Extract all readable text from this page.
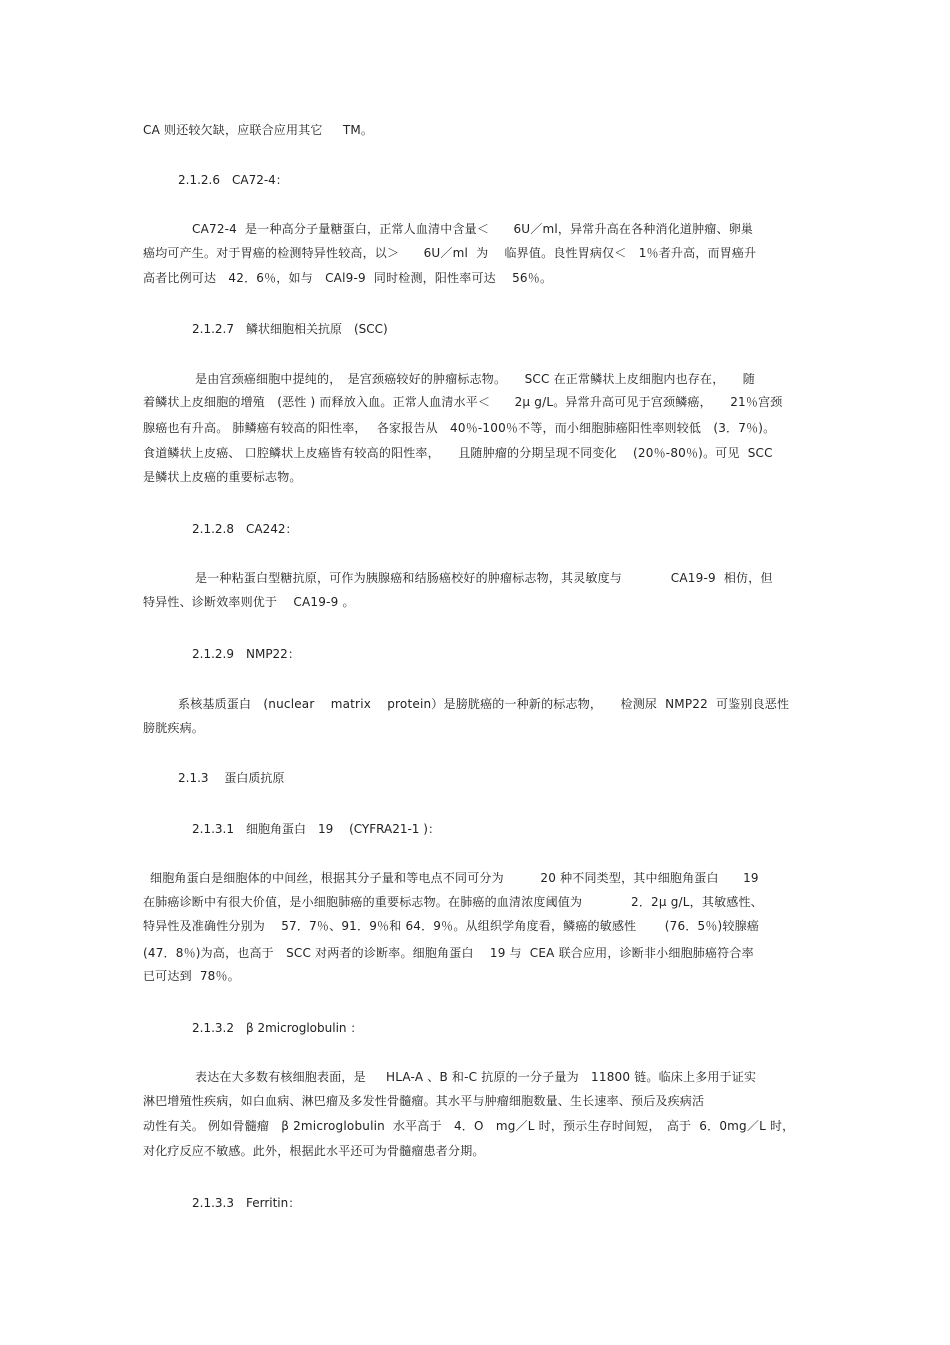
CA 则还较欠缺，应联合应用其它　  TM。
2.1.2.6　CA72-4：
CA72-4  是一种高分子量糖蛋白，正常人血清中含量＜　　6U／ml，异常升高在各种消化道肿瘤、卵巢
癌均可产生。对于胃癌的检测特异性较高，以＞　　6U／ml  为　 临界值。良性胃病仅＜　1％者升高，而胃癌升
高者比例可达　42．6％，如与　CAl9-9  同时检测，阳性率可达　 56％。
2.1.2.7　鳞状细胞相关抗原　(SCC)
是由宫颈癌细胞中提纯的，　是宫颈癌较好的肿瘤标志物。　　SCC 在正常鳞状上皮细胞内也存在，　　随
着鳞状上皮细胞的增殖　(恶性 ) 而释放入血。正常人血清水平＜　　2μ g/L。异常升高可见于宫颈鳞癌，　　21％宫颈
腺癌也有升高。 肺鳞癌有较高的阳性率，　 各家报告从　40％-100％不等，而小细胞肺癌阳性率则较低　(3．7％)。
食道鳞状上皮癌、 口腔鳞状上皮癌皆有较高的阳性率，　　且随肿瘤的分期呈现不同变化　 (20％-80％)。可见  SCC
是鳞状上皮癌的重要标志物。
2.1.2.8　CA242：
是一种粘蛋白型糖抗原，可作为胰腺癌和结肠癌校好的肿瘤标志物，其灵敏度与　　　　CA19-9  相仿，但
特异性、诊断效率则优于　 CA19-9 。
2.1.2.9　NMP22：
系核基质蛋白　(nuclear　 matrix　 protein）是膀胱癌的一种新的标志物，　　检测尿  NMP22  可鉴别良恶性
膀胱疾病。
2.1.3　 蛋白质抗原
2.1.3.1　细胞角蛋白　19　 (CYFRA21-1 )：
细胞角蛋白是细胞体的中间丝，根据其分子量和等电点不同可分为　　　20 种不同类型，其中细胞角蛋白　　19
在肺癌诊断中有很大价值，是小细胞肺癌的重要标志物。在肺癌的血清浓度阈值为　　　　2．2μ g/L，其敏感性、
特异性及准确性分别为　 57．7％、91．9％和 64．9％。从组织学角度看，鳞癌的敏感性　　 (76．5％)较腺癌
(47．8％)为高，也高于　SCC 对两者的诊断率。细胞角蛋白　 19 与  CEA 联合应用，诊断非小细胞肺癌符合率
已可达到  78％。
2.1.3.2　β 2microglobulin ：
表达在大多数有核细胞表面，是　  HLA-A 、B 和-C 抗原的一分子量为　11800 链。临床上多用于证实
淋巴增殖性疾病，如白血病、淋巴瘤及多发性骨髓瘤。其水平与肿瘤细胞数量、生长速率、预后及疾病活
动性有关。 例如骨髓瘤　β 2microglobulin  水平高于　4．O　mg／L 时，预示生存时间短，　高于  6．0mg／L 时，
对化疗反应不敏感。此外，根据此水平还可为骨髓瘤患者分期。
2.1.3.3　Ferritin：
